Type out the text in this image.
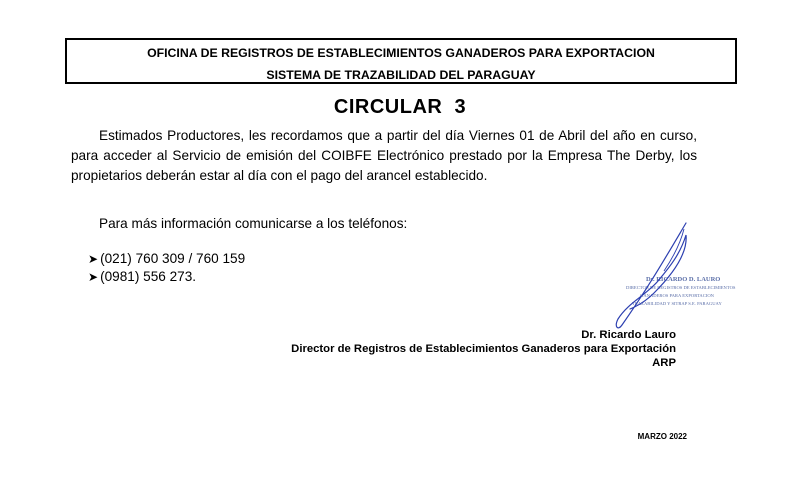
OFICINA DE REGISTROS DE ESTABLECIMIENTOS GANADEROS PARA EXPORTACION
SISTEMA DE TRAZABILIDAD DEL PARAGUAY
CIRCULAR  3

Estimados Productores, les recordamos que a partir del día Viernes 01 de Abril del año en curso, para acceder al Servicio de emisión del COIBFE Electrónico prestado por la Empresa The Derby, los propietarios deberán estar al día con el pago del arancel establecido.

Para más información comunicarse a los teléfonos:

➤ (021) 760 309 / 760 159
➤ (0981) 556 273.	Dr. RICARDO D. LAURO
DIRECTOR DE REGISTROS DE ESTABLECIMIENTOS
GANADEROS PARA EXPORTACION
TRAZABILIDAD Y SITRAP S.E. PARAGUAY
Dr. Ricardo Lauro
Director de Registros de Establecimientos Ganaderos para Exportación
ARP
MARZO 2022
